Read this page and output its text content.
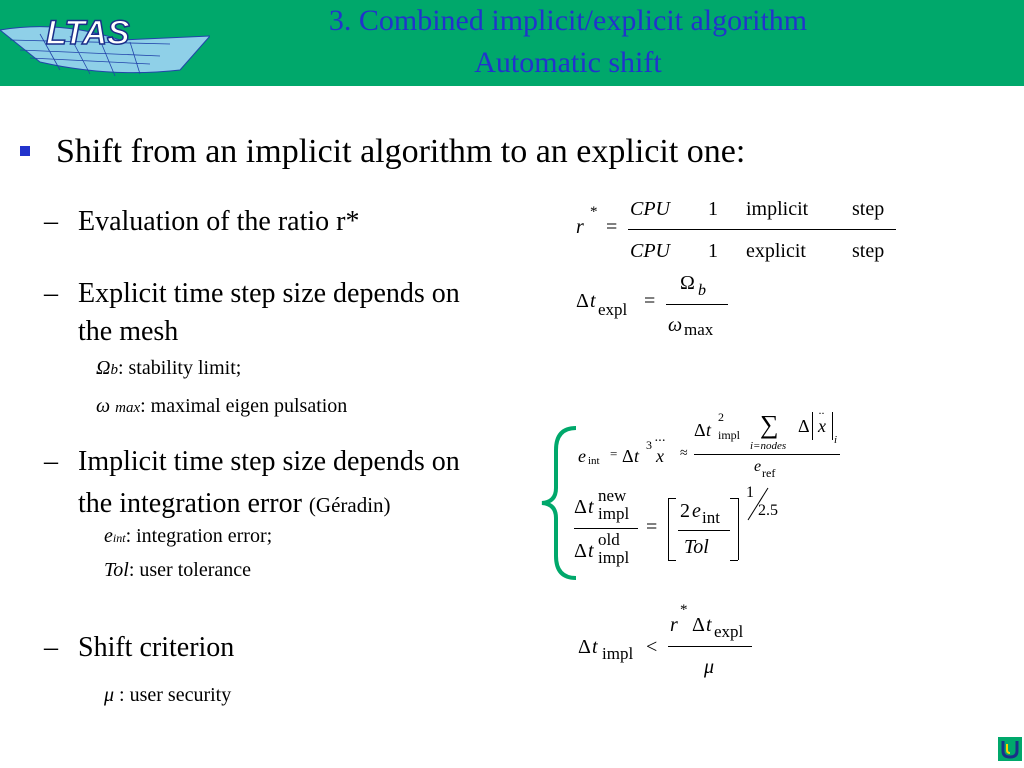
LTAS	3. Combined implicit/explicit algorithm
Automatic shift
Shift from an implicit algorithm to an explicit one:
– Evaluation of the ratio r*
– Explicit time step size depends on
the mesh
Ωb: stability limit;
ω max: maximal eigen pulsation
– Implicit time step size depends on
the integration error (Géradin)
eint: integration error;
Tol: user tolerance
– Shift criterion
μ : user security
r
*
=
CPU 1 implicit step
CPU 1 explicit step
Δ t expl =
Ω b
ω max
e int = Δ t
3 ···
x ≈
Δ t
2
impl ∑
i=nodes
Δ
··
x
i
e ref
Δ t
new
impl
Δ t
old
impl
=
2 e int
Tol
1
2.5
Δ t impl <
r
*
Δ t expl
μ
